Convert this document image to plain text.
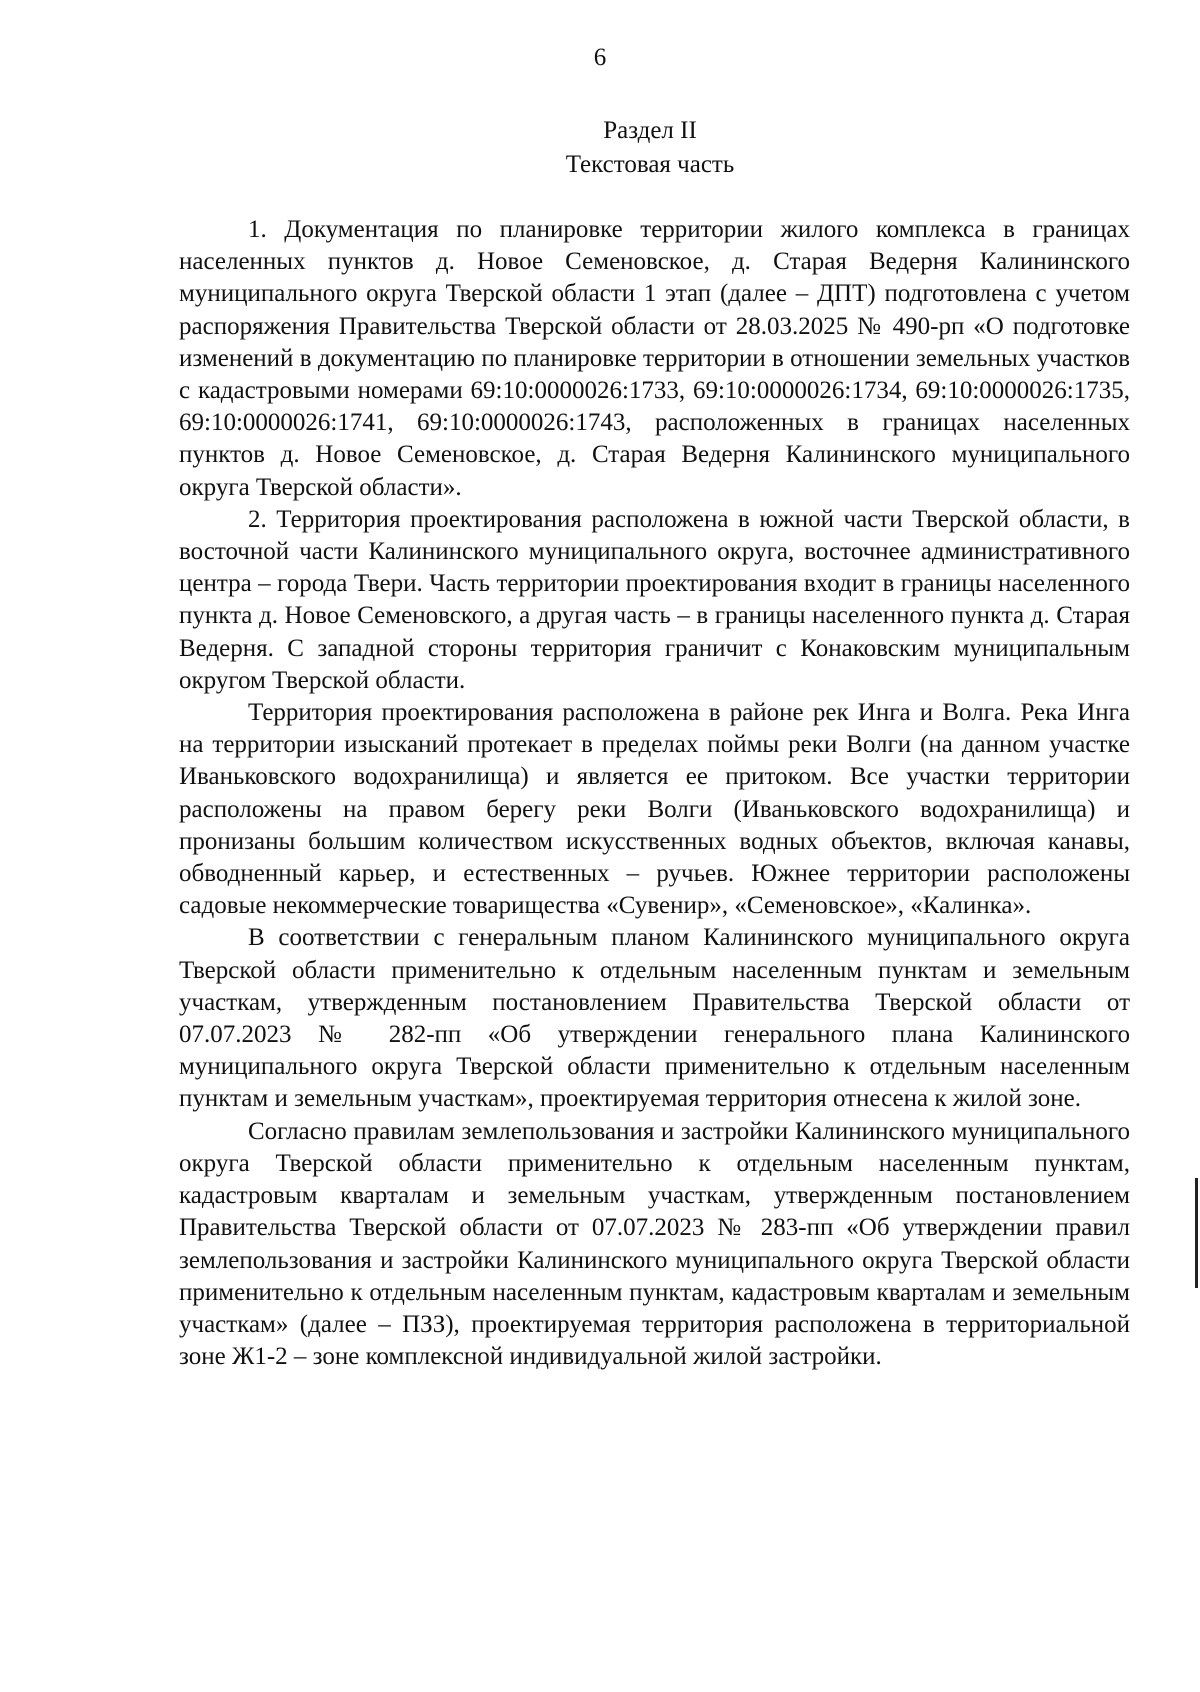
6
Раздел II
Текстовая часть

1. Документация по планировке территории жилого комплекса в границах населенных пунктов д. Новое Семеновское, д. Старая Ведерня Калининского муниципального округа Тверской области 1 этап (далее – ДПТ) подготовлена с учетом распоряжения Правительства Тверской области от 28.03.2025 № 490-рп «О подготовке изменений в документацию по планировке территории в отношении земельных участков с кадастровыми номерами 69:10:0000026:1733, 69:10:0000026:1734, 69:10:0000026:1735, 69:10:0000026:1741, 69:10:0000026:1743, расположенных в границах населенных пунктов д. Новое Семеновское, д. Старая Ведерня Калининского муниципального округа Тверской области».

2. Территория проектирования расположена в южной части Тверской области, в восточной части Калининского муниципального округа, восточнее административного центра – города Твери. Часть территории проектирования входит в границы населенного пункта д. Новое Семеновского, а другая часть – в границы населенного пункта д. Старая Ведерня. С западной стороны территория граничит с Конаковским муниципальным округом Тверской области.

Территория проектирования расположена в районе рек Инга и Волга. Река Инга на территории изысканий протекает в пределах поймы реки Волги (на данном участке Иваньковского водохранилища) и является ее притоком. Все участки территории расположены на правом берегу реки Волги (Иваньковского водохранилища) и пронизаны большим количеством искусственных водных объектов, включая канавы, обводненный карьер, и естественных – ручьев. Южнее территории расположены садовые некоммерческие товарищества «Сувенир», «Семеновское», «Калинка».

В соответствии с генеральным планом Калининского муниципального округа Тверской области применительно к отдельным населенным пунктам и земельным участкам, утвержденным постановлением Правительства Тверской области от 07.07.2023 № 282-пп «Об утверждении генерального плана Калининского муниципального округа Тверской области применительно к отдельным населенным пунктам и земельным участкам», проектируемая территория отнесена к жилой зоне.

Согласно правилам землепользования и застройки Калининского муниципального округа Тверской области применительно к отдельным населенным пунктам, кадастровым кварталам и земельным участкам, утвержденным постановлением Правительства Тверской области от 07.07.2023 № 283-пп «Об утверждении правил землепользования и застройки Калининского муниципального округа Тверской области применительно к отдельным населенным пунктам, кадастровым кварталам и земельным участкам» (далее – ПЗЗ), проектируемая территория расположена в территориальной зоне Ж1-2 – зоне комплексной индивидуальной жилой застройки.
